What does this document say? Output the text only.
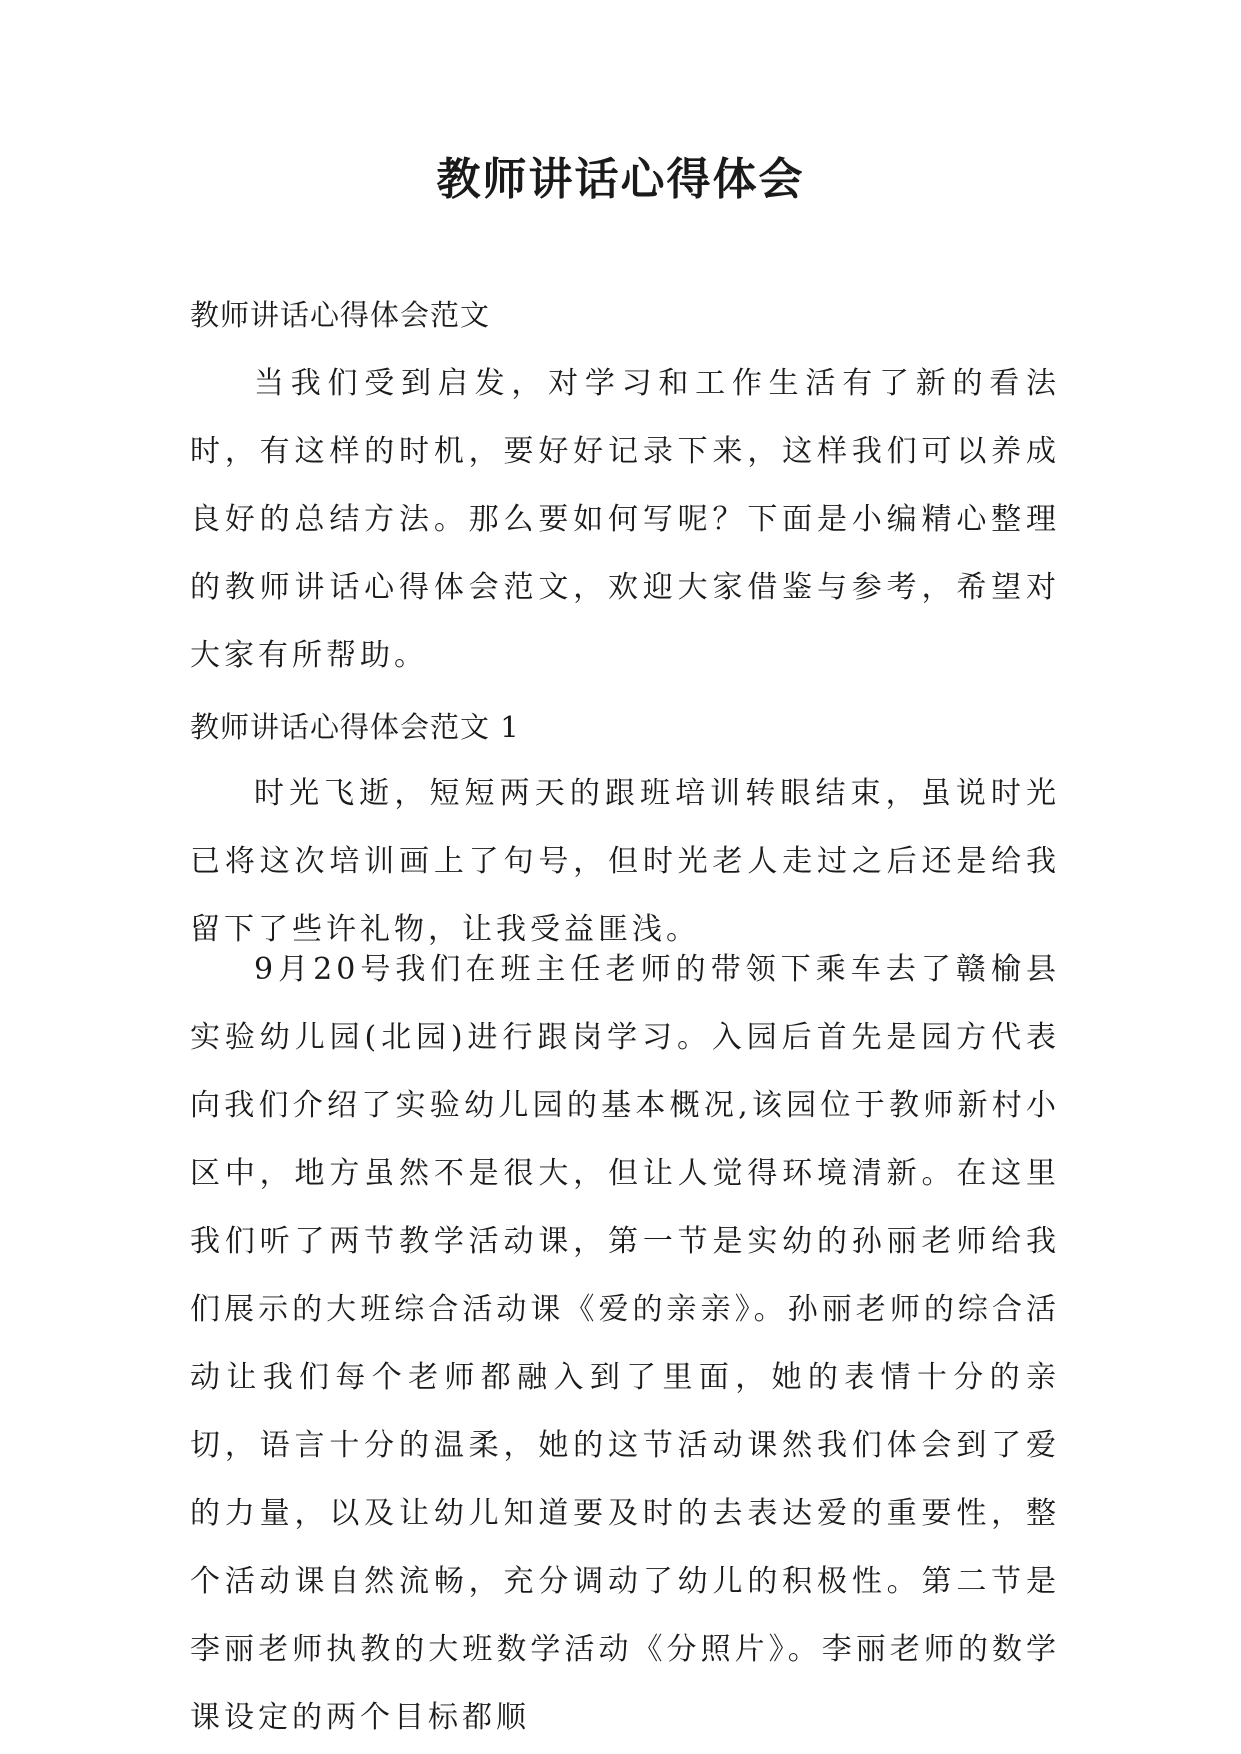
教师讲话心得体会
教师讲话心得体会范文

当我们受到启发，对学习和工作生活有了新的看法时，有这样的时机，要好好记录下来，这样我们可以养成良好的总结方法。那么要如何写呢？下面是小编精心整理的教师讲话心得体会范文，欢迎大家借鉴与参考，希望对大家有所帮助。

教师讲话心得体会范文 1

时光飞逝，短短两天的跟班培训转眼结束，虽说时光已将这次培训画上了句号，但时光老人走过之后还是给我留下了些许礼物，让我受益匪浅。

9月20号我们在班主任老师的带领下乘车去了赣榆县实验幼儿园(北园)进行跟岗学习。入园后首先是园方代表向我们介绍了实验幼儿园的基本概况,该园位于教师新村小区中，地方虽然不是很大，但让人觉得环境清新。在这里我们听了两节教学活动课，第一节是实幼的孙丽老师给我们展示的大班综合活动课《爱的亲亲》。孙丽老师的综合活动让我们每个老师都融入到了里面，她的表情十分的亲切，语言十分的温柔，她的这节活动课然我们体会到了爱的力量，以及让幼儿知道要及时的去表达爱的重要性，整个活动课自然流畅，充分调动了幼儿的积极性。第二节是李丽老师执教的大班数学活动《分照片》。李丽老师的数学课设定的两个目标都顺
